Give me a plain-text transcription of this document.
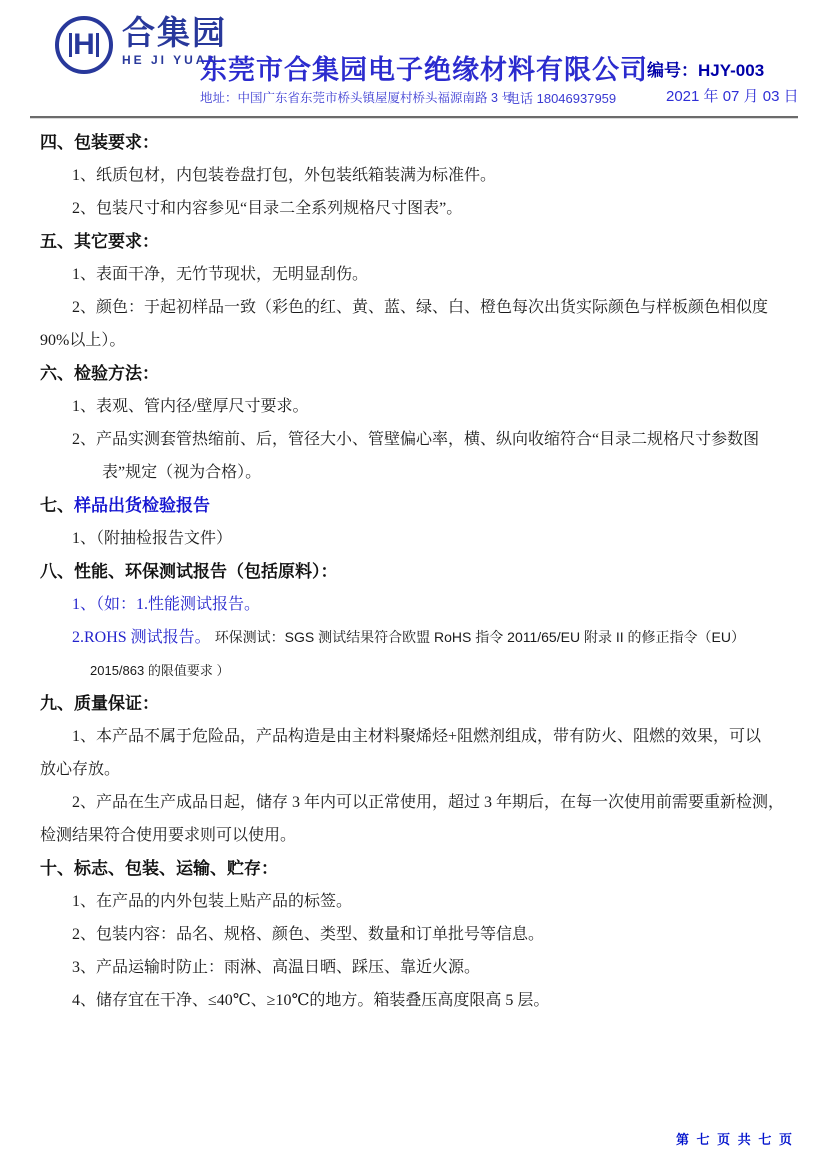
H 合集园
HE JI YUAN
东莞市合集园电子绝缘材料有限公司
地址：中国广东省东莞市桥头镇屋厦村桥头福源南路 3 号
电话 18046937959
编号：HJY-003
2021 年 07 月 03 日
四、包装要求：
1、纸质包材，内包装卷盘打包，外包装纸箱装满为标准件。
2、包装尺寸和内容参见“目录二全系列规格尺寸图表”。
五、其它要求：
1、表面干净，无竹节现状，无明显刮伤。
2、颜色：于起初样品一致（彩色的红、黄、蓝、绿、白、橙色每次出货实际颜色与样板颜色相似度
90%以上）。
六、检验方法：
1、表观、管内径/壁厚尺寸要求。
2、产品实测套管热缩前、后，管径大小、管壁偏心率，横、纵向收缩符合“目录二规格尺寸参数图
表”规定（视为合格）。
七、样品出货检验报告
1、（附抽检报告文件）
八、性能、环保测试报告（包括原料）：
1、（如：1.性能测试报告。
2.ROHS 测试报告。 环保测试：SGS 测试结果符合欧盟 RoHS 指令 2011/65/EU 附录 II 的修正指令（EU）
2015/863 的限值要求 ）
九、质量保证：
1、本产品不属于危险品，产品构造是由主材料聚烯烃+阻燃剂组成，带有防火、阻燃的效果，可以
放心存放。
2、产品在生产成品日起，储存 3 年内可以正常使用，超过 3 年期后，在每一次使用前需要重新检测，
检测结果符合使用要求则可以使用。
十、标志、包装、运输、贮存：
1、在产品的内外包装上贴产品的标签。
2、包装内容：品名、规格、颜色、类型、数量和订单批号等信息。
3、产品运输时防止：雨淋、高温日晒、踩压、靠近火源。
4、储存宜在干净、≤40℃、≥10℃的地方。箱装叠压高度限高 5 层。
第 七 页 共 七 页
